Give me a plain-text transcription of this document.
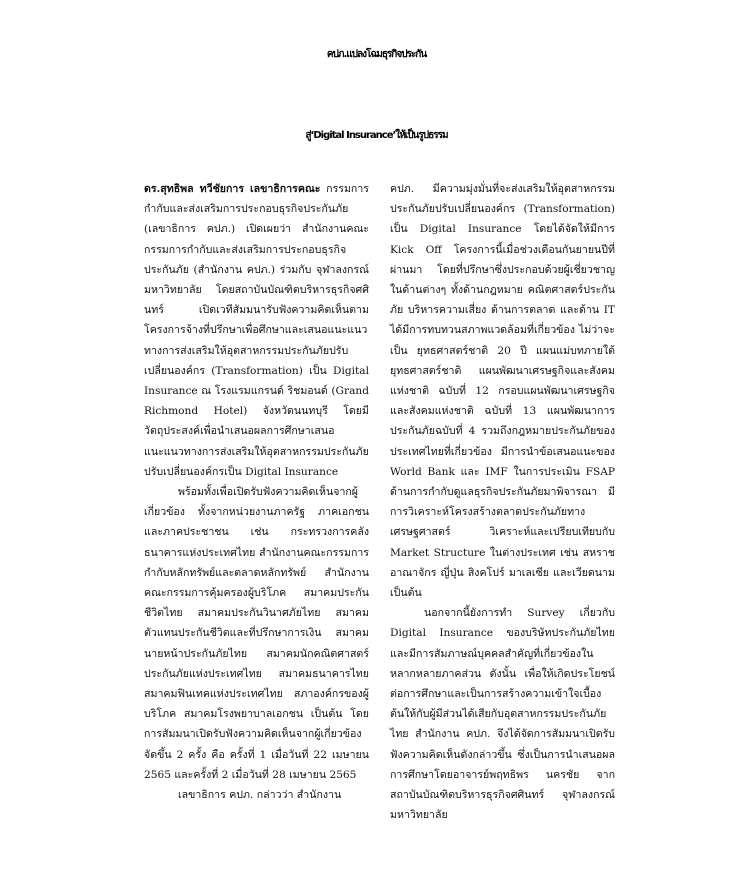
คปภ.แปลงโฉมธุรกิจประกัน
สู่‘Digital Insurance’ให้เป็นรูปธรรม

ดร.สุทธิพล ทวีชัยการ เลขาธิการคณะ กรรมการกำกับและส่งเสริมการประกอบธุรกิจประกันภัย (เลขาธิการ คปภ.) เปิดเผยว่า สำนักงานคณะกรรมการกำกับและส่งเสริมการประกอบธุรกิจประกันภัย (สำนักงาน คปภ.) ร่วมกับ จุฬาลงกรณ์มหาวิทยาลัย โดยสถาบันบัณฑิตบริหารธุรกิจศศินทร์ เปิดเวทีสัมมนารับฟังความคิดเห็นตามโครงการจ้างที่ปรึกษาเพื่อศึกษาและเสนอแนะแนวทางการส่งเสริมให้อุตสาหกรรมประกันภัยปรับเปลี่ยนองค์กร (Transformation) เป็น Digital Insurance ณ โรงแรมแกรนด์ ริชมอนด์ (Grand Richmond Hotel) จังหวัดนนทบุรี โดยมีวัตถุประสงค์เพื่อนำเสนอผลการศึกษาเสนอแนะแนวทางการส่งเสริมให้อุตสาหกรรมประกันภัยปรับเปลี่ยนองค์กรเป็น Digital Insurance

พร้อมทั้งเพื่อเปิดรับฟังความคิดเห็นจากผู้เกี่ยวข้อง ทั้งจากหน่วยงานภาครัฐ ภาคเอกชน และภาคประชาชน เช่น กระทรวงการคลัง ธนาคารแห่งประเทศไทย สำนักงานคณะกรรมการกำกับหลักทรัพย์และตลาดหลักทรัพย์ สำนักงานคณะกรรมการคุ้มครองผู้บริโภค สมาคมประกันชีวิตไทย สมาคมประกันวินาศภัยไทย สมาคมตัวแทนประกันชีวิตและที่ปรึกษาการเงิน สมาคมนายหน้าประกันภัยไทย สมาคมนักคณิตศาสตร์ประกันภัยแห่งประเทศไทย สมาคมธนาคารไทย สมาคมฟินเทคแห่งประเทศไทย สภาองค์กรของผู้บริโภค สมาคมโรงพยาบาลเอกชน เป็นต้น โดยการสัมมนาเปิดรับฟังความคิดเห็นจากผู้เกี่ยวข้อง จัดขึ้น 2 ครั้ง คือ ครั้งที่ 1 เมื่อวันที่ 22 เมษายน 2565 และครั้งที่ 2 เมื่อวันที่ 28 เมษายน 2565

เลขาธิการ คปภ. กล่าวว่า สำนักงาน

คปภ. มีความมุ่งมั่นที่จะส่งเสริมให้อุตสาหกรรมประกันภัยปรับเปลี่ยนองค์กร (Transformation) เป็น Digital Insurance โดยได้จัดให้มีการ Kick Off โครงการนี้เมื่อช่วงเดือนกันยายนปีที่ผ่านมา โดยที่ปรึกษาซึ่งประกอบด้วยผู้เชี่ยวชาญในด้านต่างๆ ทั้งด้านกฎหมาย คณิตศาสตร์ประกันภัย บริหารความเสี่ยง ด้านการตลาด และด้าน IT ได้มีการทบทวนสภาพแวดล้อมที่เกี่ยวข้อง ไม่ว่าจะเป็น ยุทธศาสตร์ชาติ 20 ปี แผนแม่บทภายใต้ยุทธศาสตร์ชาติ แผนพัฒนาเศรษฐกิจและสังคมแห่งชาติ ฉบับที่ 12 กรอบแผนพัฒนาเศรษฐกิจและสังคมแห่งชาติ ฉบับที่ 13 แผนพัฒนาการประกันภัยฉบับที่ 4 รวมถึงกฎหมายประกันภัยของประเทศไทยที่เกี่ยวข้อง มีการนำข้อเสนอแนะของ World Bank และ IMF ในการประเมิน FSAP ด้านการกำกับดูแลธุรกิจประกันภัยมาพิจารณา มีการวิเคราะห์โครงสร้างตลาดประกันภัยทางเศรษฐศาสตร์ วิเคราะห์และเปรียบเทียบกับ Market Structure ในต่างประเทศ เช่น สหราชอาณาจักร ญี่ปุ่น สิงคโปร์ มาเลเซีย และเวียดนาม เป็นต้น

นอกจากนี้ยังการทำ Survey เกี่ยวกับ Digital Insurance ของบริษัทประกันภัยไทย และมีการสัมภาษณ์บุคคลสำคัญที่เกี่ยวข้องในหลากหลายภาคส่วน ดังนั้น เพื่อให้เกิดประโยชน์ต่อการศึกษาและเป็นการสร้างความเข้าใจเบื้องต้นให้กับผู้มีส่วนได้เสียกับอุตสาหกรรมประกันภัยไทย สำนักงาน คปภ. จึงได้จัดการสัมมนาเปิดรับฟังความคิดเห็นดังกล่าวขึ้น ซึ่งเป็นการนำเสนอผลการศึกษาโดยอาจารย์พฤทธิพร นครชัย จากสถาบันบัณฑิตบริหารธุรกิจศศินทร์ จุฬาลงกรณ์มหาวิทยาลัย
